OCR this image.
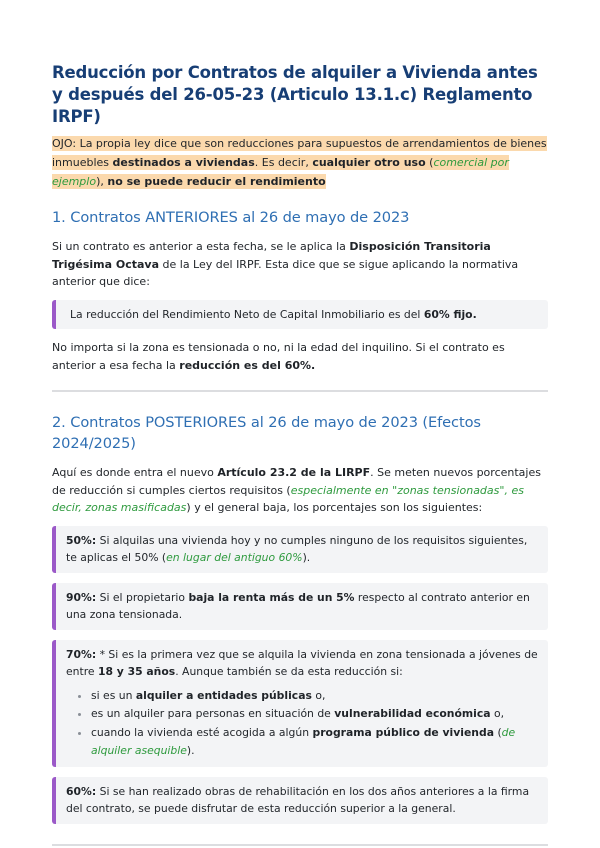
Reducción por Contratos de alquiler a Vivienda antes y después del 26-05-23 (Articulo 13.1.c) Reglamento IRPF)
OJO: La propia ley dice que son reducciones para supuestos de arrendamientos de bienes inmuebles destinados a viviendas. Es decir, cualquier otro uso (comercial por ejemplo), no se puede reducir el rendimiento
1. Contratos ANTERIORES al 26 de mayo de 2023

Si un contrato es anterior a esta fecha, se le aplica la Disposición Transitoria Trigésima Octava de la Ley del IRPF. Esta dice que se sigue aplicando la normativa anterior que dice:

La reducción del Rendimiento Neto de Capital Inmobiliario es del 60% fijo.

No importa si la zona es tensionada o no, ni la edad del inquilino. Si el contrato es anterior a esa fecha la reducción es del 60%.

2. Contratos POSTERIORES al 26 de mayo de 2023 (Efectos 2024/2025)

Aquí es donde entra el nuevo Artículo 23.2 de la LIRPF. Se meten nuevos porcentajes de reducción si cumples ciertos requisitos (especialmente en "zonas tensionadas", es decir, zonas masificadas) y el general baja, los porcentajes son los siguientes:

50%: Si alquilas una vivienda hoy y no cumples ninguno de los requisitos siguientes, te aplicas el 50% (en lugar del antiguo 60%).
90%: Si el propietario baja la renta más de un 5% respecto al contrato anterior en una zona tensionada.
70%: * Si es la primera vez que se alquila la vivienda en zona tensionada a jóvenes de entre 18 y 35 años. Aunque también se da esta reducción si:
• si es un alquiler a entidades públicas o,
• es un alquiler para personas en situación de vulnerabilidad económica o,
• cuando la vivienda esté acogida a algún programa público de vivienda (de alquiler asequible).
60%: Si se han realizado obras de rehabilitación en los dos años anteriores a la firma del contrato, se puede disfrutar de esta reducción superior a la general.
